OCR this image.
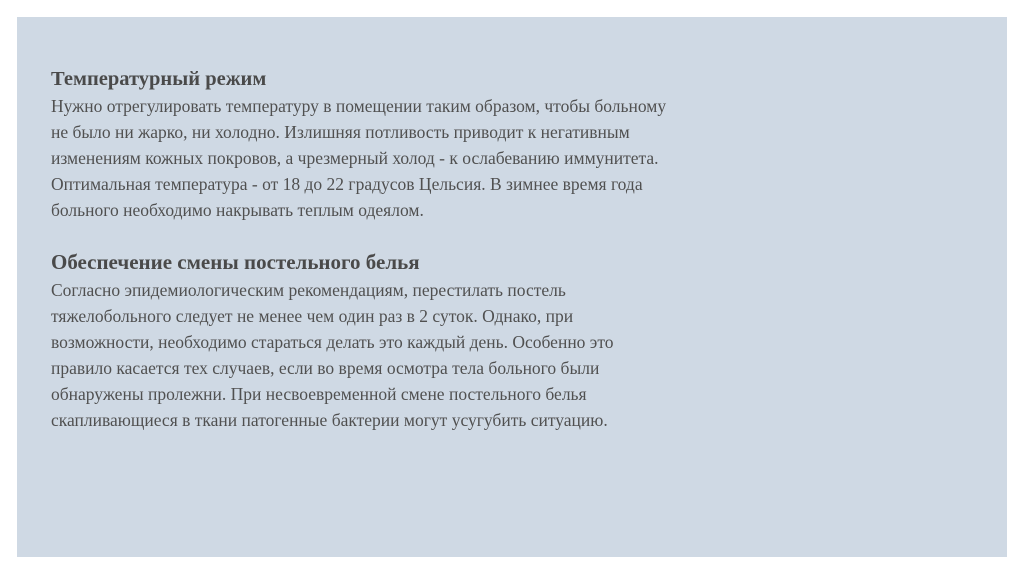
Температурный режим

Нужно отрегулировать температуру в помещении таким образом, чтобы больному

не было ни жарко, ни холодно. Излишняя потливость приводит к негативным

изменениям кожных покровов, а чрезмерный холод - к ослабеванию иммунитета.

Оптимальная температура - от 18 до 22 градусов Цельсия. В зимнее время года

больного необходимо накрывать теплым одеялом.

Обеспечение смены постельного белья

Согласно эпидемиологическим рекомендациям, перестилать постель

тяжелобольного следует не менее чем один раз в 2 суток. Однако, при

возможности, необходимо стараться делать это каждый день. Особенно это

правило касается тех случаев, если во время осмотра тела больного были

обнаружены пролежни. При несвоевременной смене постельного белья

скапливающиеся в ткани патогенные бактерии могут усугубить ситуацию.
